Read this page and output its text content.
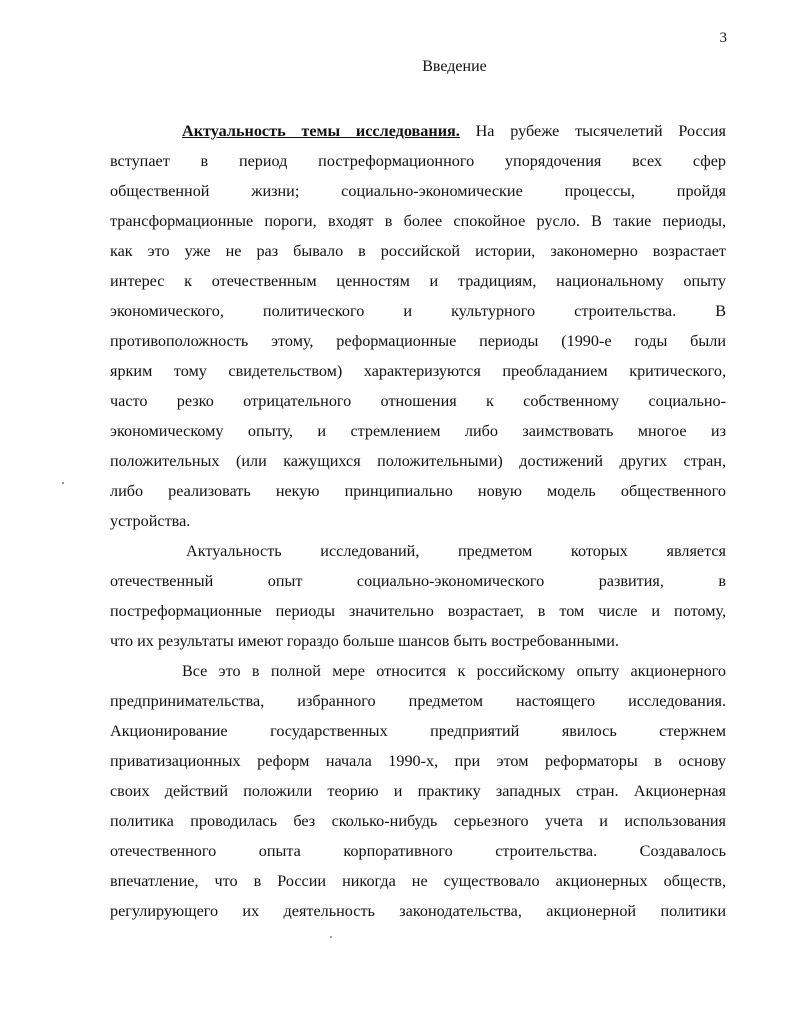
3
Введение
Актуальность темы исследования. На рубеже тысячелетий Россия
вступает в период постреформационного упорядочения всех сфер
общественной жизни; социально-экономические процессы, пройдя
трансформационные пороги, входят в более спокойное русло. В такие периоды,
как это уже не раз бывало в российской истории, закономерно возрастает
интерес к отечественным ценностям и традициям, национальному опыту
экономического, политического и культурного строительства. В
противоположность этому, реформационные периоды (1990-е годы были
ярким тому свидетельством) характеризуются преобладанием критического,
часто резко отрицательного отношения к собственному социально-
экономическому опыту, и стремлением либо заимствовать многое из
положительных (или кажущихся положительными) достижений других стран,
либо реализовать некую принципиально новую модель общественного
устройства.
Актуальность исследований, предметом которых является
отечественный опыт социально-экономического развития, в
постреформационные периоды значительно возрастает, в том числе и потому,
что их результаты имеют гораздо больше шансов быть востребованными.
Все это в полной мере относится к российскому опыту акционерного
предпринимательства, избранного предметом настоящего исследования.
Акционирование государственных предприятий явилось стержнем
приватизационных реформ начала 1990-х, при этом реформаторы в основу
своих действий положили теорию и практику западных стран. Акционерная
политика проводилась без сколько-нибудь серьезного учета и использования
отечественного опыта корпоративного строительства. Создавалось
впечатление, что в России никогда не существовало акционерных обществ,
регулирующего их деятельность законодательства, акционерной политики
